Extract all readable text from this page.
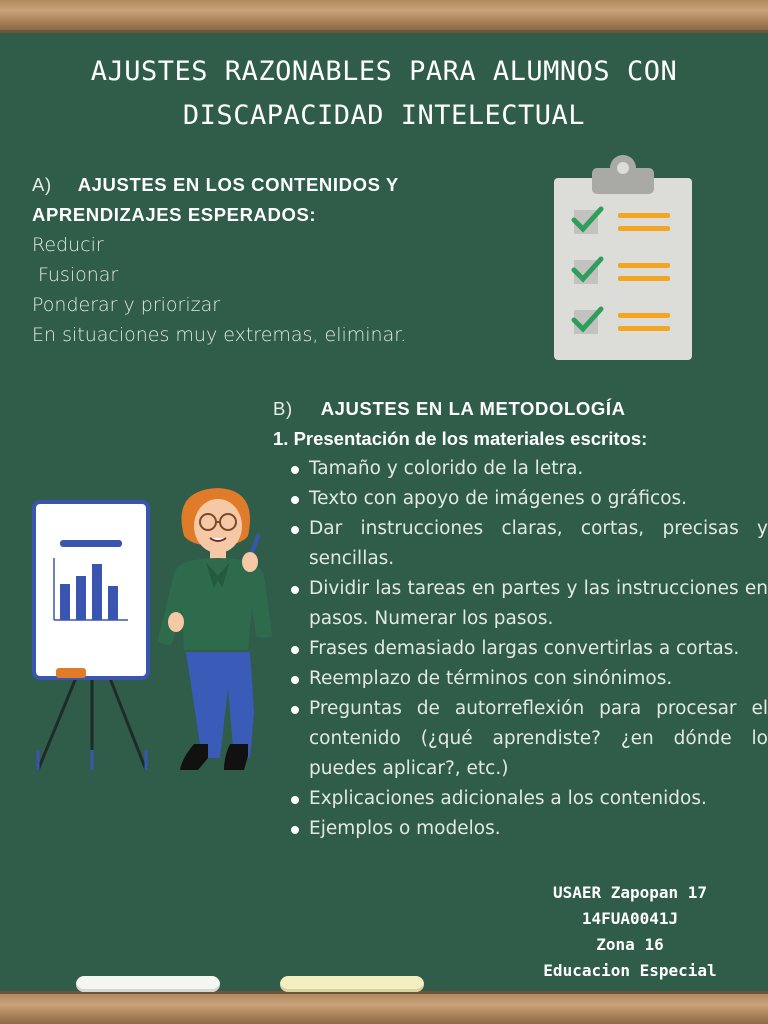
AJUSTES RAZONABLES PARA ALUMNOS CON
DISCAPACIDAD INTELECTUAL
A) AJUSTES EN LOS CONTENIDOS Y
APRENDIZAJES ESPERADOS:
Reducir
Fusionar
Ponderar y priorizar
En situaciones muy extremas, eliminar.
B) AJUSTES EN LA METODOLOGÍA
1. Presentación de los materiales escritos:
Tamaño y colorido de la letra.
Texto con apoyo de imágenes o gráficos.
Dar instrucciones claras, cortas, precisas y sencillas.
Dividir las tareas en partes y las instrucciones en pasos. Numerar los pasos.
Frases demasiado largas convertirlas a cortas.
Reemplazo de términos con sinónimos.
Preguntas de autorreflexión para procesar el contenido (¿qué aprendiste? ¿en dónde lo puedes aplicar?, etc.)
Explicaciones adicionales a los contenidos.
Ejemplos o modelos.
USAER Zapopan 17
14FUA0041J
Zona 16
Educacion Especial
